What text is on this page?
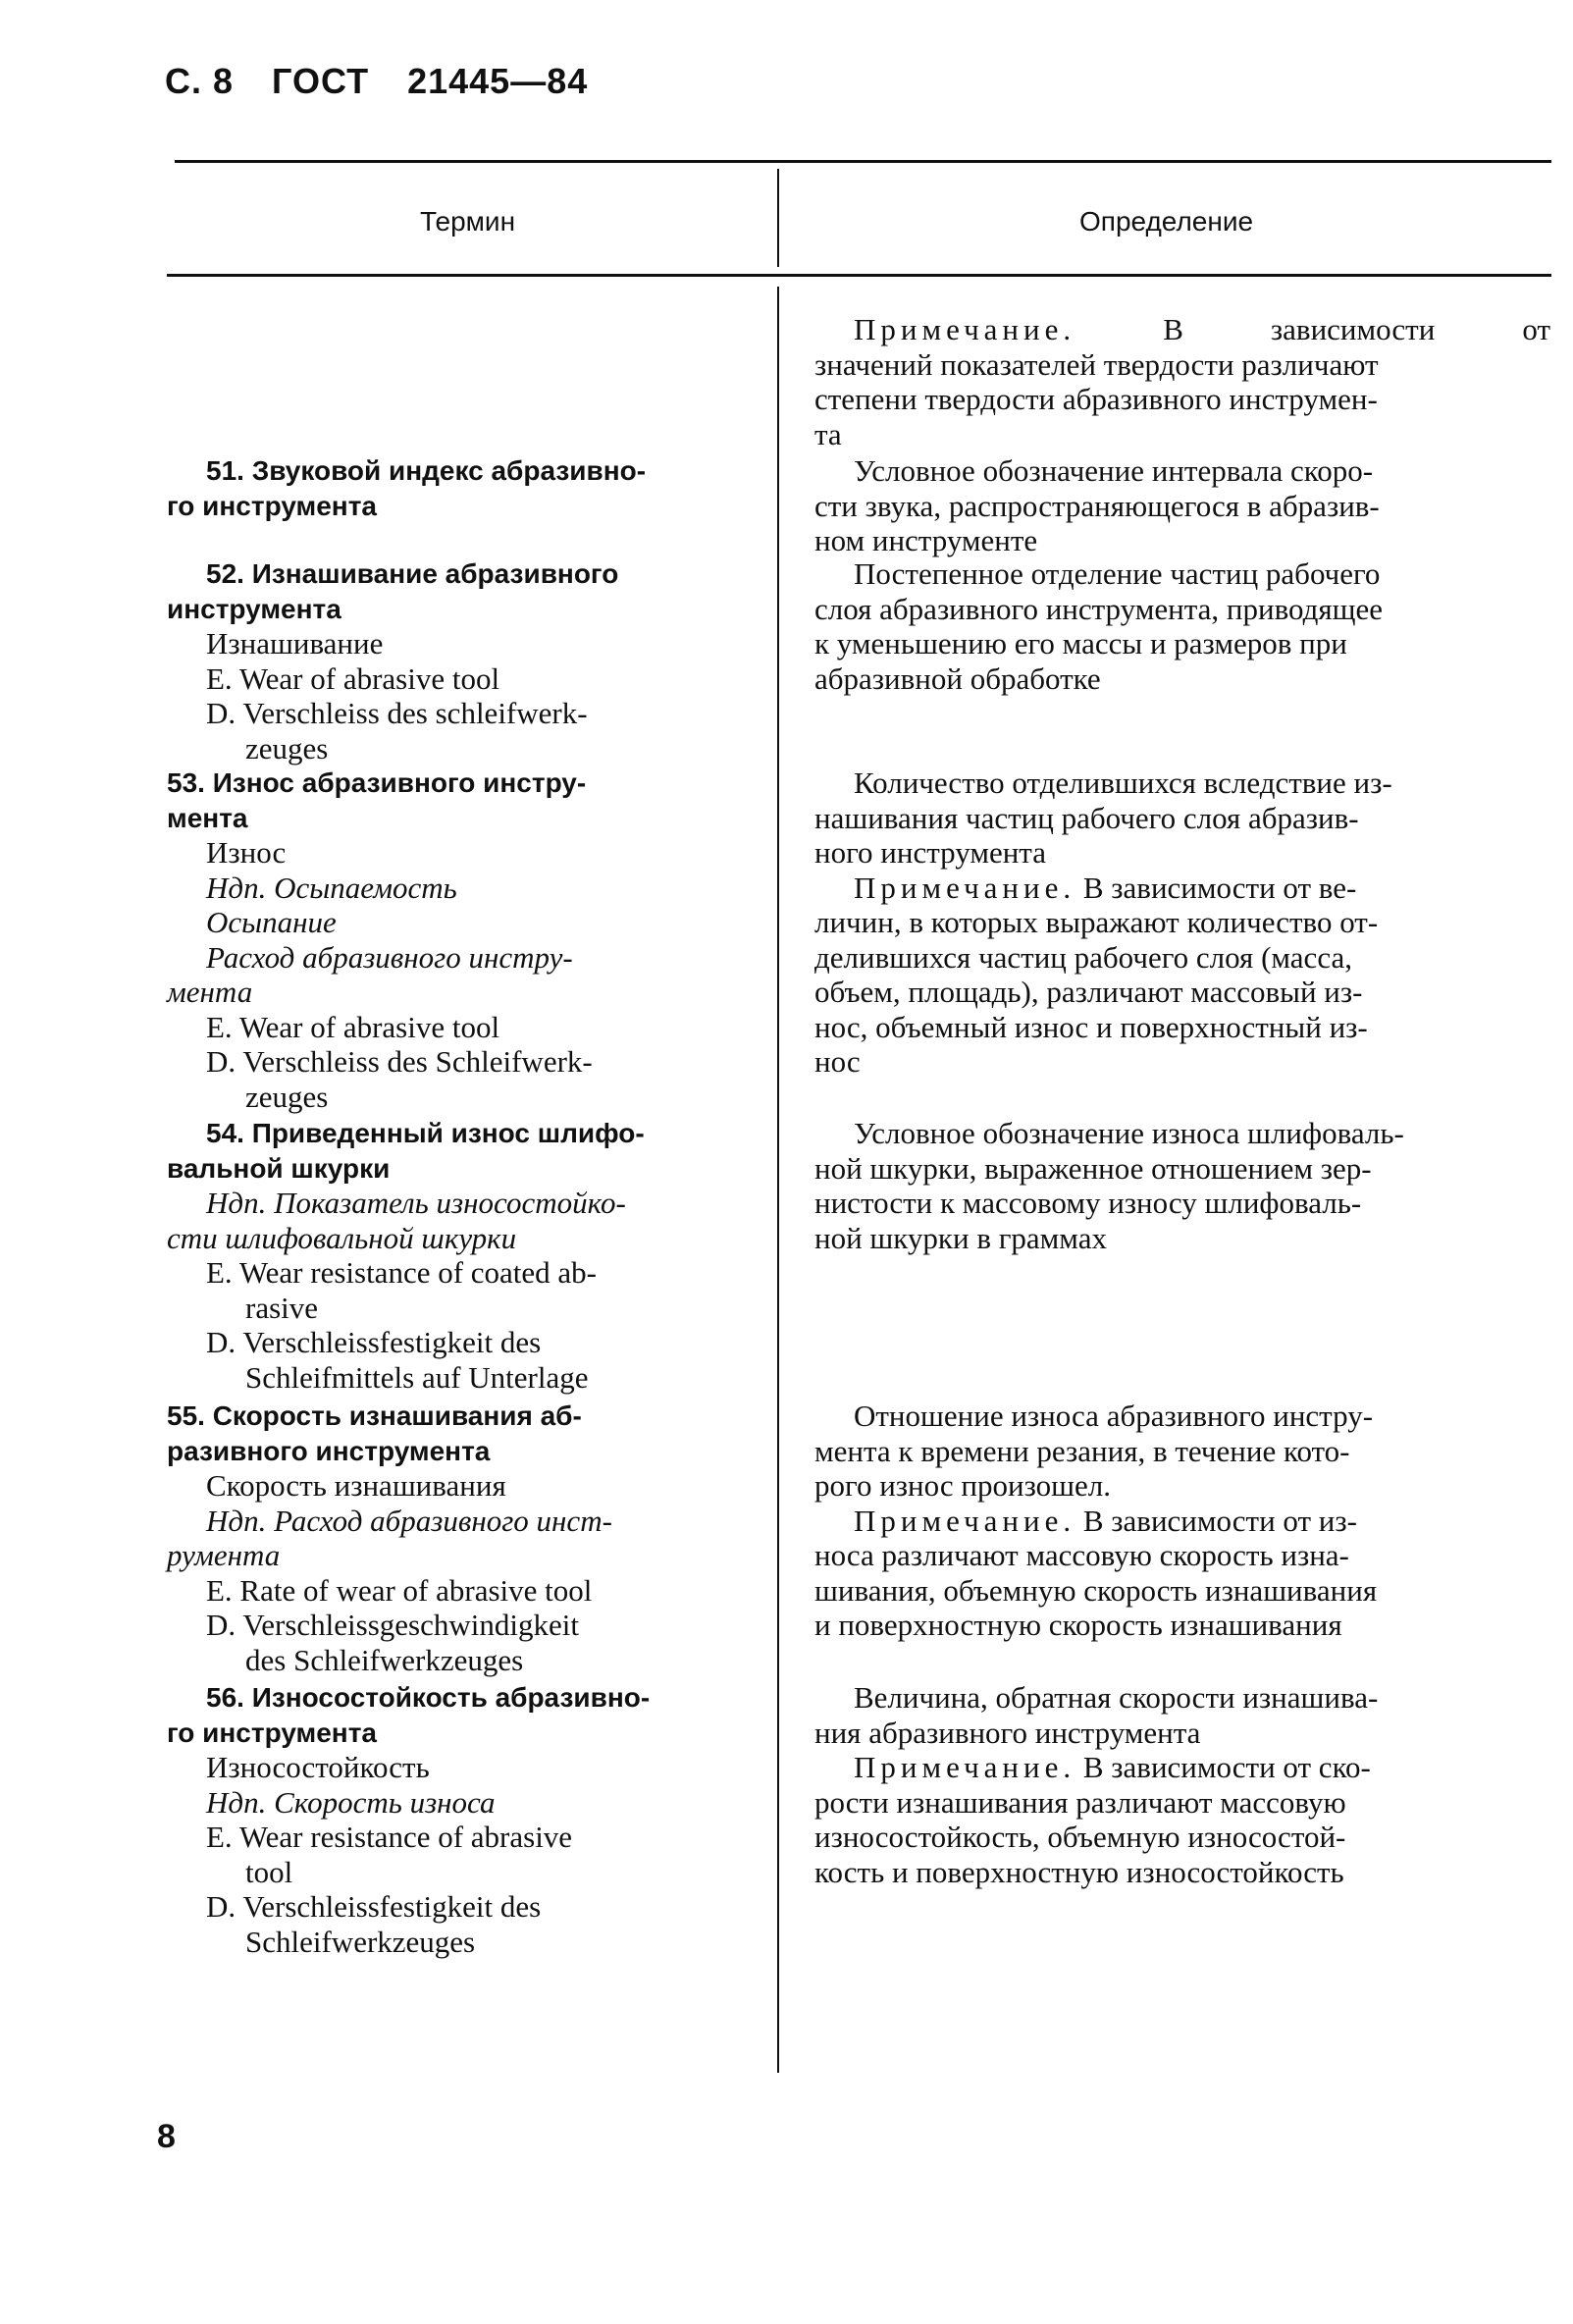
С. 8 ГОСТ 21445—84
Термин	Определение
Примечание. В зависимости от
значений показателей твердости различают
степени твердости абразивного инструмен-
та
51. Звуковой индекс абразивно-
го инструмента
Условное обозначение интервала скоро-
сти звука, распространяющегося в абразив-
ном инструменте
52. Изнашивание абразивного
инструмента
Изнашивание
E. Wear of abrasive tool
D. Verschleiss des schleifwerk-
zeuges
Постепенное отделение частиц рабочего
слоя абразивного инструмента, приводящее
к уменьшению его массы и размеров при
абразивной обработке
53. Износ абразивного инстру-
мента
Износ
Ндп. Осыпаемость
Осыпание
Расход абразивного инстру-
мента
E. Wear of abrasive tool
D. Verschleiss des Schleifwerk-
zeuges
Количество отделившихся вследствие из-
нашивания частиц рабочего слоя абразив-
ного инструмента
Примечание. В зависимости от ве-
личин, в которых выражают количество от-
делившихся частиц рабочего слоя (масса,
объем, площадь), различают массовый из-
нос, объемный износ и поверхностный из-
нос
54. Приведенный износ шлифо-
вальной шкурки
Ндп. Показатель износостойко-
сти шлифовальной шкурки
E. Wear resistance of coated ab-
rasive
D. Verschleissfestigkeit des
Schleifmittels auf Unterlage
Условное обозначение износа шлифоваль-
ной шкурки, выраженное отношением зер-
нистости к массовому износу шлифоваль-
ной шкурки в граммах
55. Скорость изнашивания аб-
разивного инструмента
Скорость изнашивания
Ндп. Расход абразивного инст-
румента
E. Rate of wear of abrasive tool
D. Verschleissgeschwindigkeit
des Schleifwerkzeuges
Отношение износа абразивного инстру-
мента к времени резания, в течение кото-
рого износ произошел.
Примечание. В зависимости от из-
носа различают массовую скорость изна-
шивания, объемную скорость изнашивания
и поверхностную скорость изнашивания
56. Износостойкость абразивно-
го инструмента
Износостойкость
Ндп. Скорость износа
E. Wear resistance of abrasive
tool
D. Verschleissfestigkeit des
Schleifwerkzeuges
Величина, обратная скорости изнашива-
ния абразивного инструмента
Примечание. В зависимости от ско-
рости изнашивания различают массовую
износостойкость, объемную износостой-
кость и поверхностную износостойкость
8
